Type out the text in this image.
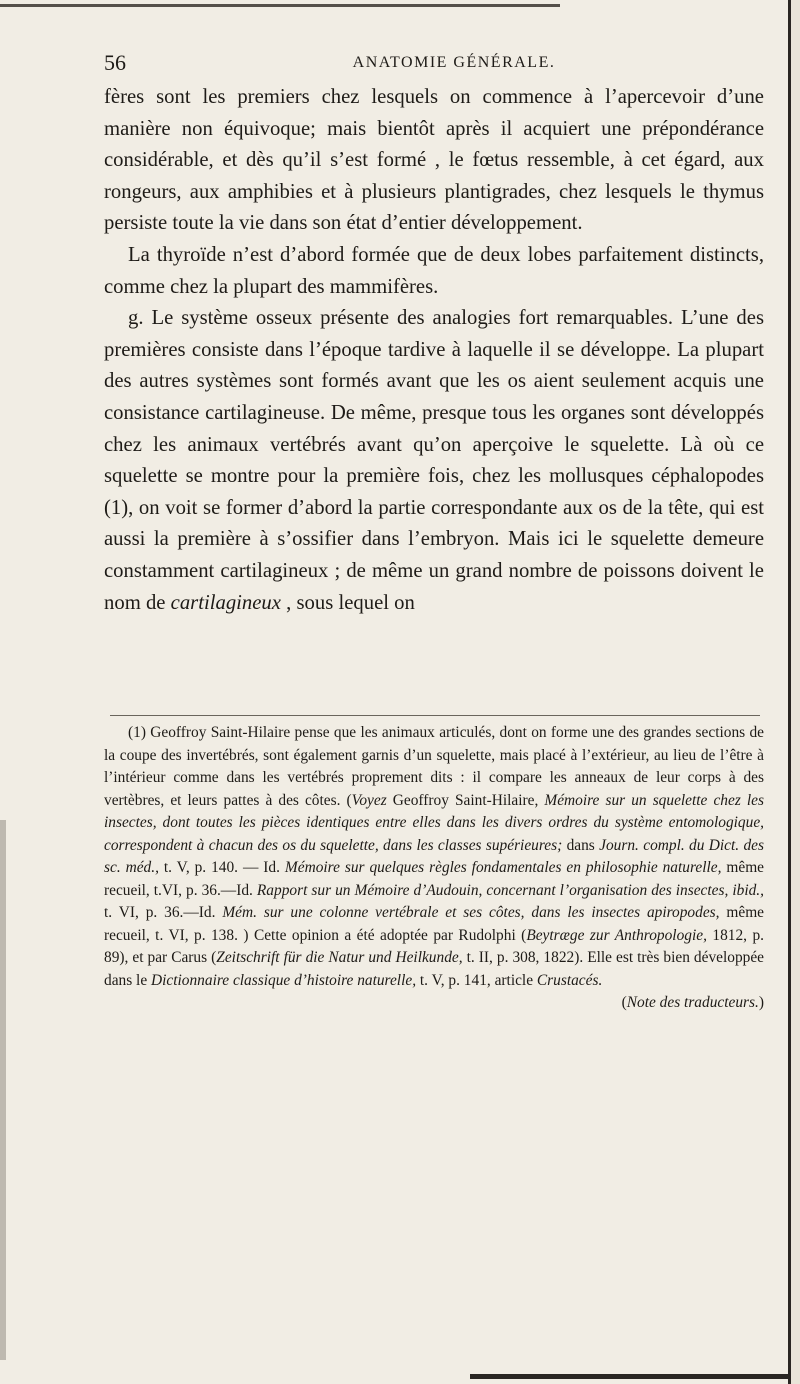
56	ANATOMIE GÉNÉRALE.

fères sont les premiers chez lesquels on commence à l’apercevoir d’une manière non équivoque; mais bientôt après il acquiert une prépondérance considérable, et dès qu’il s’est formé , le fœtus ressemble, à cet égard, aux rongeurs, aux amphibies et à plusieurs plantigrades, chez lesquels le thymus persiste toute la vie dans son état d’entier développement.

La thyroïde n’est d’abord formée que de deux lobes parfaitement distincts, comme chez la plupart des mammifères.

g. Le système osseux présente des analogies fort remarquables. L’une des premières consiste dans l’époque tardive à laquelle il se développe. La plupart des autres systèmes sont formés avant que les os aient seulement acquis une consistance cartilagineuse. De même, presque tous les organes sont développés chez les animaux vertébrés avant qu’on aperçoive le squelette. Là où ce squelette se montre pour la première fois, chez les mollusques céphalopodes (1), on voit se former d’abord la partie correspondante aux os de la tête, qui est aussi la première à s’ossifier dans l’embryon. Mais ici le squelette demeure constamment cartilagineux ; de même un grand nombre de poissons doivent le nom de cartilagineux , sous lequel on

(1) Geoffroy Saint-Hilaire pense que les animaux articulés, dont on forme une des grandes sections de la coupe des invertébrés, sont également garnis d’un squelette, mais placé à l’extérieur, au lieu de l’être à l’intérieur comme dans les vertébrés proprement dits : il compare les anneaux de leur corps à des vertèbres, et leurs pattes à des côtes. (Voyez Geoffroy Saint-Hilaire, Mémoire sur un squelette chez les insectes, dont toutes les pièces identiques entre elles dans les divers ordres du système entomologique, correspondent à chacun des os du squelette, dans les classes supérieures; dans Journ. compl. du Dict. des sc. méd., t. V, p. 140. — Id. Mémoire sur quelques règles fondamentales en philosophie naturelle, même recueil, t.VI, p. 36.—Id. Rapport sur un Mémoire d’Audouin, concernant l’organisation des insectes, ibid., t. VI, p. 36.—Id. Mém. sur une colonne vertébrale et ses côtes, dans les insectes apiropodes, même recueil, t. VI, p. 138. ) Cette opinion a été adoptée par Rudolphi (Beytræge zur Anthropologie, 1812, p. 89), et par Carus (Zeitschrift für die Natur und Heilkunde, t. II, p. 308, 1822). Elle est très bien développée dans le Dictionnaire classique d’histoire naturelle, t. V, p. 141, article Crustacés.

(Note des traducteurs.)
